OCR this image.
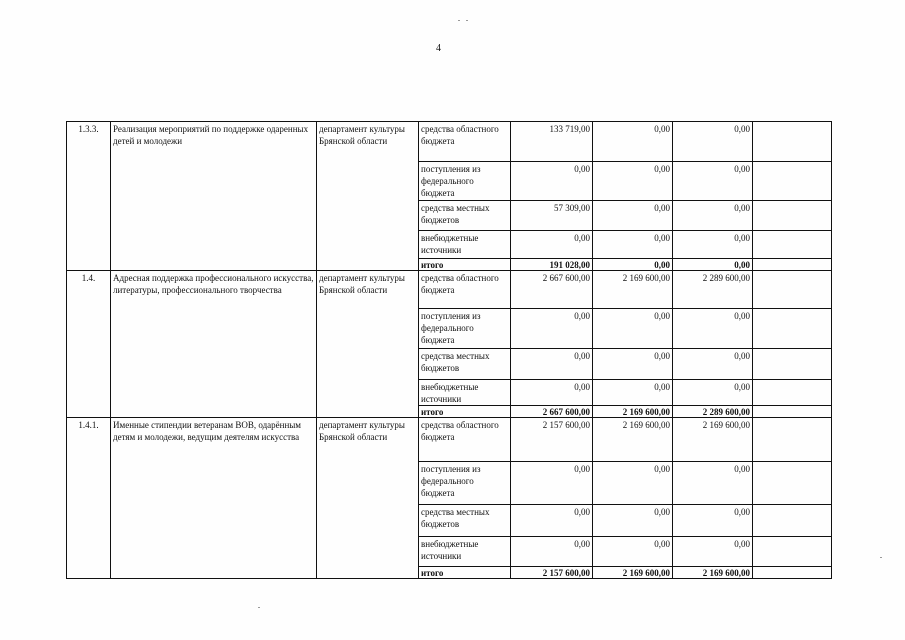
4
1.3.3.	Реализация мероприятий по поддержке одаренных детей и молодежи	департамент культуры Брянской области	средства областного бюджета	133 719,00	0,00	0,00	
			поступления из федерального бюджета	0,00	0,00	0,00	
			средства местных бюджетов	57 309,00	0,00	0,00	
			внебюджетные источники	0,00	0,00	0,00	
			итого	191 028,00	0,00	0,00	
1.4.	Адресная поддержка профессионального искусства, литературы, профессионального творчества	департамент культуры Брянской области	средства областного бюджета	2 667 600,00	2 169 600,00	2 289 600,00	
			поступления из федерального бюджета	0,00	0,00	0,00	
			средства местных бюджетов	0,00	0,00	0,00	
			внебюджетные источники	0,00	0,00	0,00	
			итого	2 667 600,00	2 169 600,00	2 289 600,00	
1.4.1.	Именные стипендии ветеранам ВОВ, одарённым детям и молодежи, ведущим деятелям искусства	департамент культуры Брянской области	средства областного бюджета	2 157 600,00	2 169 600,00	2 169 600,00	
			поступления из федерального бюджета	0,00	0,00	0,00	
			средства местных бюджетов	0,00	0,00	0,00	
			внебюджетные источники	0,00	0,00	0,00	
			итого	2 157 600,00	2 169 600,00	2 169 600,00	
